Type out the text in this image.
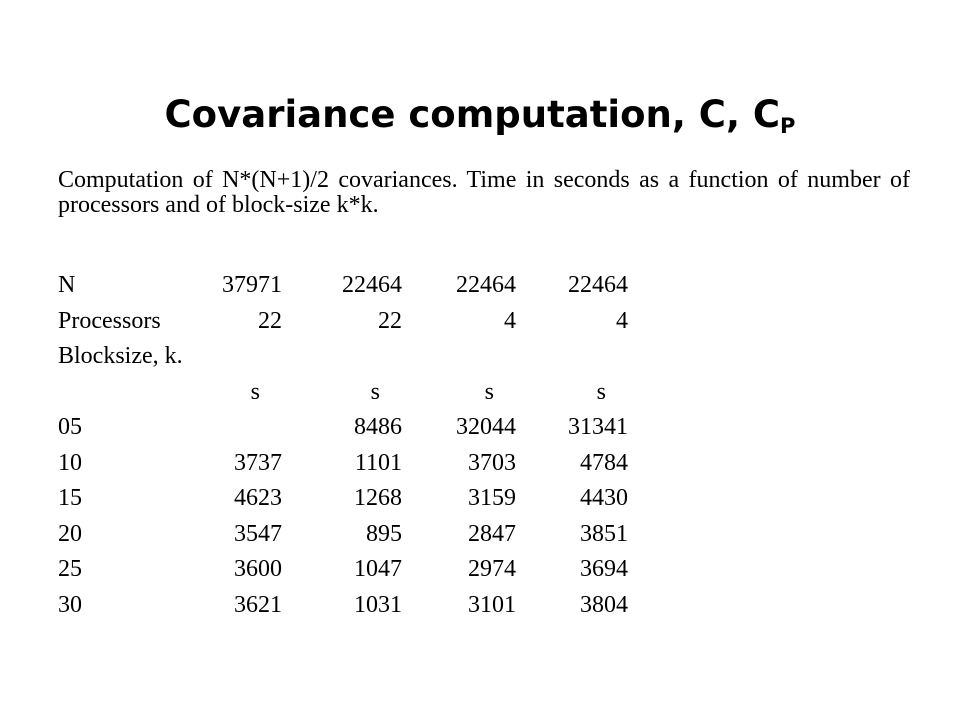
Covariance computation, C, $C_P$

Computation of N*(N+1)/2 covariances. Time in seconds as a function of number of processors and of block-size k*k.

N	37971	22464	22464	22464
Processors	22	22	4	4
Blocksize, k.				
	s	s	s	s
05		8486	32044	31341
10	3737	1101	3703	4784
15	4623	1268	3159	4430
20	3547	895	2847	3851
25	3600	1047	2974	3694
30	3621	1031	3101	3804
